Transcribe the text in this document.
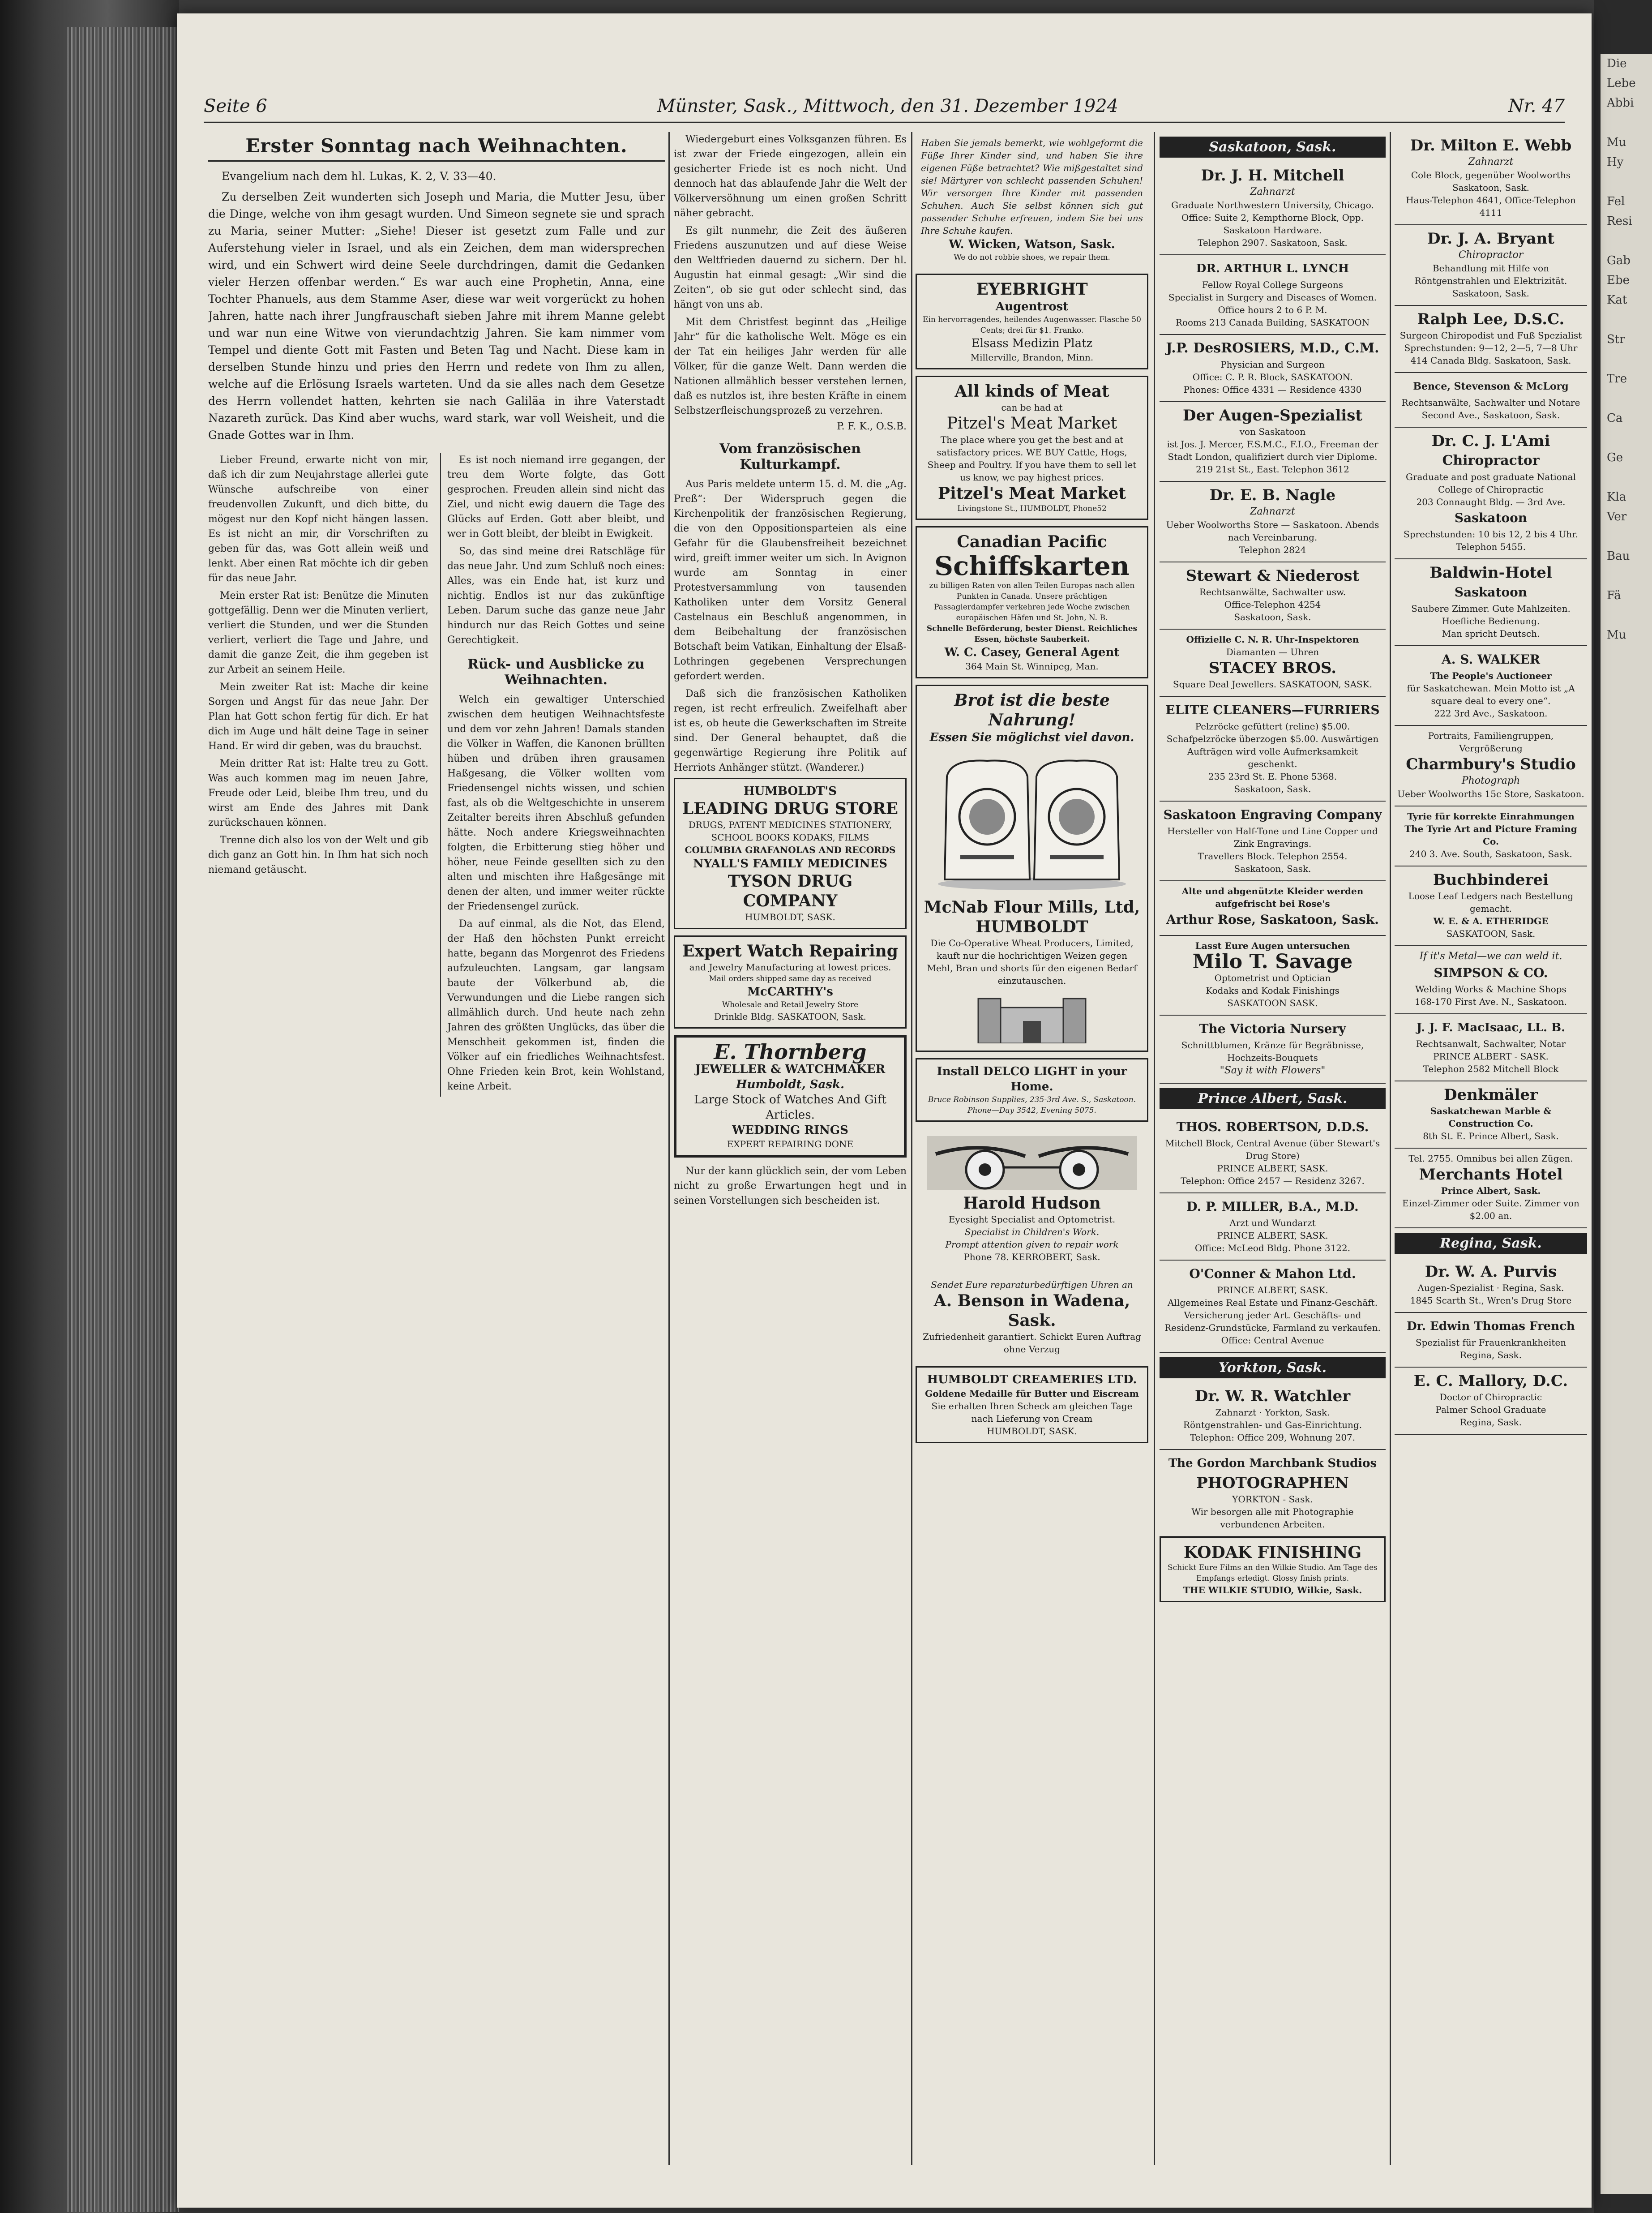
Die
Lebe
Abbi

Mu
Hy

Fel
Resi

Gab
Ebe
Kat

Str

Tre

Ca

Ge

Kla
Ver

Bau

Fä

Mu
Seite 6	Münster, Sask., Mittwoch, den 31. Dezember 1924	Nr. 47
Erster Sonntag nach Weihnachten.

Evangelium nach dem hl. Lukas, K. 2, V. 33—40.

Zu derselben Zeit wunderten sich Joseph und Maria, die Mutter Jesu, über die Dinge, welche von ihm gesagt wurden. Und Simeon segnete sie und sprach zu Maria, seiner Mutter: „Siehe! Dieser ist gesetzt zum Falle und zur Auferstehung vieler in Israel, und als ein Zeichen, dem man widersprechen wird, und ein Schwert wird deine Seele durchdringen, damit die Gedanken vieler Herzen offenbar werden.“ Es war auch eine Prophetin, Anna, eine Tochter Phanuels, aus dem Stamme Aser, diese war weit vorgerückt zu hohen Jahren, hatte nach ihrer Jungfrauschaft sieben Jahre mit ihrem Manne gelebt und war nun eine Witwe von vierundachtzig Jahren. Sie kam nimmer vom Tempel und diente Gott mit Fasten und Beten Tag und Nacht. Diese kam in derselben Stunde hinzu und pries den Herrn und redete von Ihm zu allen, welche auf die Erlösung Israels warteten. Und da sie alles nach dem Gesetze des Herrn vollendet hatten, kehrten sie nach Galiläa in ihre Vaterstadt Nazareth zurück. Das Kind aber wuchs, ward stark, war voll Weisheit, und die Gnade Gottes war in Ihm.

Lieber Freund, erwarte nicht von mir, daß ich dir zum Neujahrstage allerlei gute Wünsche aufschreibe von einer freudenvollen Zukunft, und dich bitte, du mögest nur den Kopf nicht hängen lassen. Es ist nicht an mir, dir Vorschriften zu geben für das, was Gott allein weiß und lenkt. Aber einen Rat möchte ich dir geben für das neue Jahr.

Mein erster Rat ist: Benütze die Minuten gottgefällig. Denn wer die Minuten verliert, verliert die Stunden, und wer die Stunden verliert, verliert die Tage und Jahre, und damit die ganze Zeit, die ihm gegeben ist zur Arbeit an seinem Heile.

Mein zweiter Rat ist: Mache dir keine Sorgen und Angst für das neue Jahr. Der Plan hat Gott schon fertig für dich. Er hat dich im Auge und hält deine Tage in seiner Hand. Er wird dir geben, was du brauchst.

Mein dritter Rat ist: Halte treu zu Gott. Was auch kommen mag im neuen Jahre, Freude oder Leid, bleibe Ihm treu, und du wirst am Ende des Jahres mit Dank zurückschauen können.

Trenne dich also los von der Welt und gib dich ganz an Gott hin. In Ihm hat sich noch niemand getäuscht.

Es ist noch niemand irre gegangen, der treu dem Worte folgte, das Gott gesprochen. Freuden allein sind nicht das Ziel, und nicht ewig dauern die Tage des Glücks auf Erden. Gott aber bleibt, und wer in Gott bleibt, der bleibt in Ewigkeit.

So, das sind meine drei Ratschläge für das neue Jahr. Und zum Schluß noch eines: Alles, was ein Ende hat, ist kurz und nichtig. Endlos ist nur das zukünftige Leben. Darum suche das ganze neue Jahr hindurch nur das Reich Gottes und seine Gerechtigkeit.

Rück- und Ausblicke zu Weihnachten.

Welch ein gewaltiger Unterschied zwischen dem heutigen Weihnachtsfeste und dem vor zehn Jahren! Damals standen die Völker in Waffen, die Kanonen brüllten hüben und drüben ihren grausamen Haßgesang, die Völker wollten vom Friedensengel nichts wissen, und schien fast, als ob die Weltgeschichte in unserem Zeitalter bereits ihren Abschluß gefunden hätte. Noch andere Kriegsweihnachten folgten, die Erbitterung stieg höher und höher, neue Feinde gesellten sich zu den alten und mischten ihre Haßgesänge mit denen der alten, und immer weiter rückte der Friedensengel zurück.

Da auf einmal, als die Not, das Elend, der Haß den höchsten Punkt erreicht hatte, begann das Morgenrot des Friedens aufzuleuchten. Langsam, gar langsam baute der Völkerbund ab, die Verwundungen und die Liebe rangen sich allmählich durch. Und heute nach zehn Jahren des größten Unglücks, das über die Menschheit gekommen ist, finden die Völker auf ein friedliches Weihnachtsfest. Ohne Frieden kein Brot, kein Wohlstand, keine Arbeit.

Wiedergeburt eines Volksganzen führen. Es ist zwar der Friede eingezogen, allein ein gesicherter Friede ist es noch nicht. Und dennoch hat das ablaufende Jahr die Welt der Völkerversöhnung um einen großen Schritt näher gebracht.

Es gilt nunmehr, die Zeit des äußeren Friedens auszunutzen und auf diese Weise den Weltfrieden dauernd zu sichern. Der hl. Augustin hat einmal gesagt: „Wir sind die Zeiten“, ob sie gut oder schlecht sind, das hängt von uns ab.

Mit dem Christfest beginnt das „Heilige Jahr“ für die katholische Welt. Möge es ein der Tat ein heiliges Jahr werden für alle Völker, für die ganze Welt. Dann werden die Nationen allmählich besser verstehen lernen, daß es nutzlos ist, ihre besten Kräfte in einem Selbstzerfleischungsprozeß zu verzehren.

P. F. K., O.S.B.
Vom französischen Kulturkampf.

Aus Paris meldete unterm 15. d. M. die „Ag. Preß“: Der Widerspruch gegen die Kirchenpolitik der französischen Regierung, die von den Oppositionsparteien als eine Gefahr für die Glaubensfreiheit bezeichnet wird, greift immer weiter um sich. In Avignon wurde am Sonntag in einer Protestversammlung von tausenden Katholiken unter dem Vorsitz General Castelnaus ein Beschluß angenommen, in dem Beibehaltung der französischen Botschaft beim Vatikan, Einhaltung der Elsaß-Lothringen gegebenen Versprechungen gefordert werden.

Daß sich die französischen Katholiken regen, ist recht erfreulich. Zweifelhaft aber ist es, ob heute die Gewerkschaften im Streite sind. Der General behauptet, daß die gegenwärtige Regierung ihre Politik auf Herriots Anhänger stützt. (Wanderer.)

HUMBOLDT'S
LEADING DRUG STORE
DRUGS, PATENT MEDICINES STATIONERY, SCHOOL BOOKS KODAKS, FILMS
COLUMBIA GRAFANOLAS AND RECORDS
NYALL'S FAMILY MEDICINES
TYSON DRUG COMPANY
HUMBOLDT, SASK.
Expert Watch Repairing
and Jewelry Manufacturing at lowest prices.
Mail orders shipped same day as received
McCARTHY's
Wholesale and Retail Jewelry Store
Drinkle Bldg. SASKATOON, Sask.
E. Thornberg
JEWELLER & WATCHMAKER
Humboldt, Sask.
Large Stock of Watches And Gift Articles.
WEDDING RINGS
EXPERT REPAIRING DONE

Nur der kann glücklich sein, der vom Leben nicht zu große Erwartungen hegt und in seinen Vorstellungen sich bescheiden ist.

Haben Sie jemals bemerkt, wie wohlgeformt die Füße Ihrer Kinder sind, und haben Sie ihre eigenen Füße betrachtet? Wie mißgestaltet sind sie! Märtyrer von schlecht passenden Schuhen! Wir versorgen Ihre Kinder mit passenden Schuhen. Auch Sie selbst können sich gut passender Schuhe erfreuen, indem Sie bei uns Ihre Schuhe kaufen.
W. Wicken, Watson, Sask.
We do not robbie shoes, we repair them.
EYEBRIGHT
Augentrost
Ein hervorragendes, heilendes Augenwasser. Flasche 50 Cents; drei für $1. Franko.
Elsass Medizin Platz
Millerville, Brandon, Minn.
All kinds of Meat
can be had at
Pitzel's Meat Market
The place where you get the best and at satisfactory prices. WE BUY Cattle, Hogs, Sheep and Poultry. If you have them to sell let us know, we pay highest prices.
Pitzel's Meat Market
Livingstone St., HUMBOLDT, Phone52
Canadian Pacific
Schiffskarten
zu billigen Raten von allen Teilen Europas nach allen Punkten in Canada. Unsere prächtigen Passagierdampfer verkehren jede Woche zwischen europäischen Häfen und St. John, N. B.
Schnelle Beförderung, bester Dienst. Reichliches Essen, höchste Sauberkeit.
W. C. Casey, General Agent
364 Main St. Winnipeg, Man.
Brot ist die beste Nahrung!
Essen Sie möglichst viel davon.
McNab Flour Mills, Ltd, HUMBOLDT
Die Co-Operative Wheat Producers, Limited, kauft nur die hochrichtigen Weizen gegen Mehl, Bran und shorts für den eigenen Bedarf einzutauschen.
Install DELCO LIGHT in your Home.
Bruce Robinson Supplies, 235-3rd Ave. S., Saskatoon. Phone—Day 3542, Evening 5075.
Harold Hudson
Eyesight Specialist and Optometrist.
Specialist in Children's Work.
Prompt attention given to repair work
Phone 78. KERROBERT, Sask.
Sendet Eure reparaturbedürftigen Uhren an
A. Benson in Wadena, Sask.
Zufriedenheit garantiert. Schickt Euren Auftrag ohne Verzug
HUMBOLDT CREAMERIES LTD.
Goldene Medaille für Butter und Eiscream
Sie erhalten Ihren Scheck am gleichen Tage nach Lieferung von Cream
HUMBOLDT, SASK.
Saskatoon, Sask.
Dr. J. H. Mitchell
Zahnarzt
Graduate Northwestern University, Chicago. Office: Suite 2, Kempthorne Block, Opp. Saskatoon Hardware.
Telephon 2907. Saskatoon, Sask.
DR. ARTHUR L. LYNCH
Fellow Royal College Surgeons
Specialist in Surgery and Diseases of Women. Office hours 2 to 6 P. M.
Rooms 213 Canada Building, SASKATOON
J.P. DesROSIERS, M.D., C.M.
Physician and Surgeon
Office: C. P. R. Block, SASKATOON.
Phones: Office 4331 — Residence 4330
Der Augen-Spezialist
von Saskatoon
ist Jos. J. Mercer, F.S.M.C., F.I.O., Freeman der Stadt London, qualifiziert durch vier Diplome.
219 21st St., East. Telephon 3612
Dr. E. B. Nagle
Zahnarzt
Ueber Woolworths Store — Saskatoon. Abends nach Vereinbarung.
Telephon 2824
Stewart & Niederost
Rechtsanwälte, Sachwalter usw.
Office-Telephon 4254
Saskatoon, Sask.
Offizielle C. N. R. Uhr-Inspektoren
Diamanten — Uhren
STACEY BROS.
Square Deal Jewellers. SASKATOON, SASK.
ELITE CLEANERS—FURRIERS
Pelzröcke gefüttert (reline) $5.00. Schafpelzröcke überzogen $5.00. Auswärtigen Aufträgen wird volle Aufmerksamkeit geschenkt.
235 23rd St. E. Phone 5368.
Saskatoon, Sask.
Saskatoon Engraving Company
Hersteller von Half-Tone und Line Copper und Zink Engravings.
Travellers Block. Telephon 2554.
Saskatoon, Sask.
Alte und abgenützte Kleider werden aufgefrischt bei Rose's
Arthur Rose, Saskatoon, Sask.
Lasst Eure Augen untersuchen
Milo T. Savage
Optometrist und Optician
Kodaks and Kodak Finishings
SASKATOON SASK.
The Victoria Nursery
Schnittblumen, Kränze für Begräbnisse, Hochzeits-Bouquets
"Say it with Flowers"
Prince Albert, Sask.
THOS. ROBERTSON, D.D.S.
Mitchell Block, Central Avenue (über Stewart's Drug Store)
PRINCE ALBERT, SASK.
Telephon: Office 2457 — Residenz 3267.
D. P. MILLER, B.A., M.D.
Arzt und Wundarzt
PRINCE ALBERT, SASK.
Office: McLeod Bldg. Phone 3122.
O'Conner & Mahon Ltd.
PRINCE ALBERT, SASK.
Allgemeines Real Estate und Finanz-Geschäft. Versicherung jeder Art. Geschäfts- und Residenz-Grundstücke, Farmland zu verkaufen.
Office: Central Avenue
Yorkton, Sask.
Dr. W. R. Watchler
Zahnarzt · Yorkton, Sask.
Röntgenstrahlen- und Gas-Einrichtung.
Telephon: Office 209, Wohnung 207.
The Gordon Marchbank Studios
PHOTOGRAPHEN
YORKTON - Sask.
Wir besorgen alle mit Photographie verbundenen Arbeiten.
KODAK FINISHING
Schickt Eure Films an den Wilkie Studio. Am Tage des Empfangs erledigt. Glossy finish prints.
THE WILKIE STUDIO, Wilkie, Sask.
Dr. Milton E. Webb
Zahnarzt
Cole Block, gegenüber Woolworths
Saskatoon, Sask.
Haus-Telephon 4641, Office-Telephon 4111
Dr. J. A. Bryant
Chiropractor
Behandlung mit Hilfe von Röntgenstrahlen und Elektrizität.
Saskatoon, Sask.
Ralph Lee, D.S.C.
Surgeon Chiropodist und Fuß Spezialist
Sprechstunden: 9—12, 2—5, 7—8 Uhr
414 Canada Bldg. Saskatoon, Sask.
Bence, Stevenson & McLorg
Rechtsanwälte, Sachwalter und Notare
Second Ave., Saskatoon, Sask.
Dr. C. J. L'Ami
Chiropractor
Graduate and post graduate National College of Chiropractic
203 Connaught Bldg. — 3rd Ave.
Saskatoon
Sprechstunden: 10 bis 12, 2 bis 4 Uhr. Telephon 5455.
Baldwin-Hotel
Saskatoon
Saubere Zimmer. Gute Mahlzeiten. Hoefliche Bedienung.
Man spricht Deutsch.
A. S. WALKER
The People's Auctioneer
für Saskatchewan. Mein Motto ist „A square deal to every one“.
222 3rd Ave., Saskatoon.
Portraits, Familiengruppen, Vergrößerung
Charmbury's Studio
Photograph
Ueber Woolworths 15c Store, Saskatoon.
Tyrie für korrekte Einrahmungen
The Tyrie Art and Picture Framing Co.
240 3. Ave. South, Saskatoon, Sask.
Buchbinderei
Loose Leaf Ledgers nach Bestellung gemacht.
W. E. & A. ETHERIDGE
SASKATOON, Sask.
If it's Metal—we can weld it.
SIMPSON & CO.
Welding Works & Machine Shops
168-170 First Ave. N., Saskatoon.
J. J. F. MacIsaac, LL. B.
Rechtsanwalt, Sachwalter, Notar
PRINCE ALBERT - SASK.
Telephon 2582 Mitchell Block
Denkmäler
Saskatchewan Marble & Construction Co.
8th St. E. Prince Albert, Sask.
Tel. 2755. Omnibus bei allen Zügen.
Merchants Hotel
Prince Albert, Sask.
Einzel-Zimmer oder Suite. Zimmer von $2.00 an.
Regina, Sask.
Dr. W. A. Purvis
Augen-Spezialist · Regina, Sask.
1845 Scarth St., Wren's Drug Store
Dr. Edwin Thomas French
Spezialist für Frauenkrankheiten
Regina, Sask.
E. C. Mallory, D.C.
Doctor of Chiropractic
Palmer School Graduate
Regina, Sask.
